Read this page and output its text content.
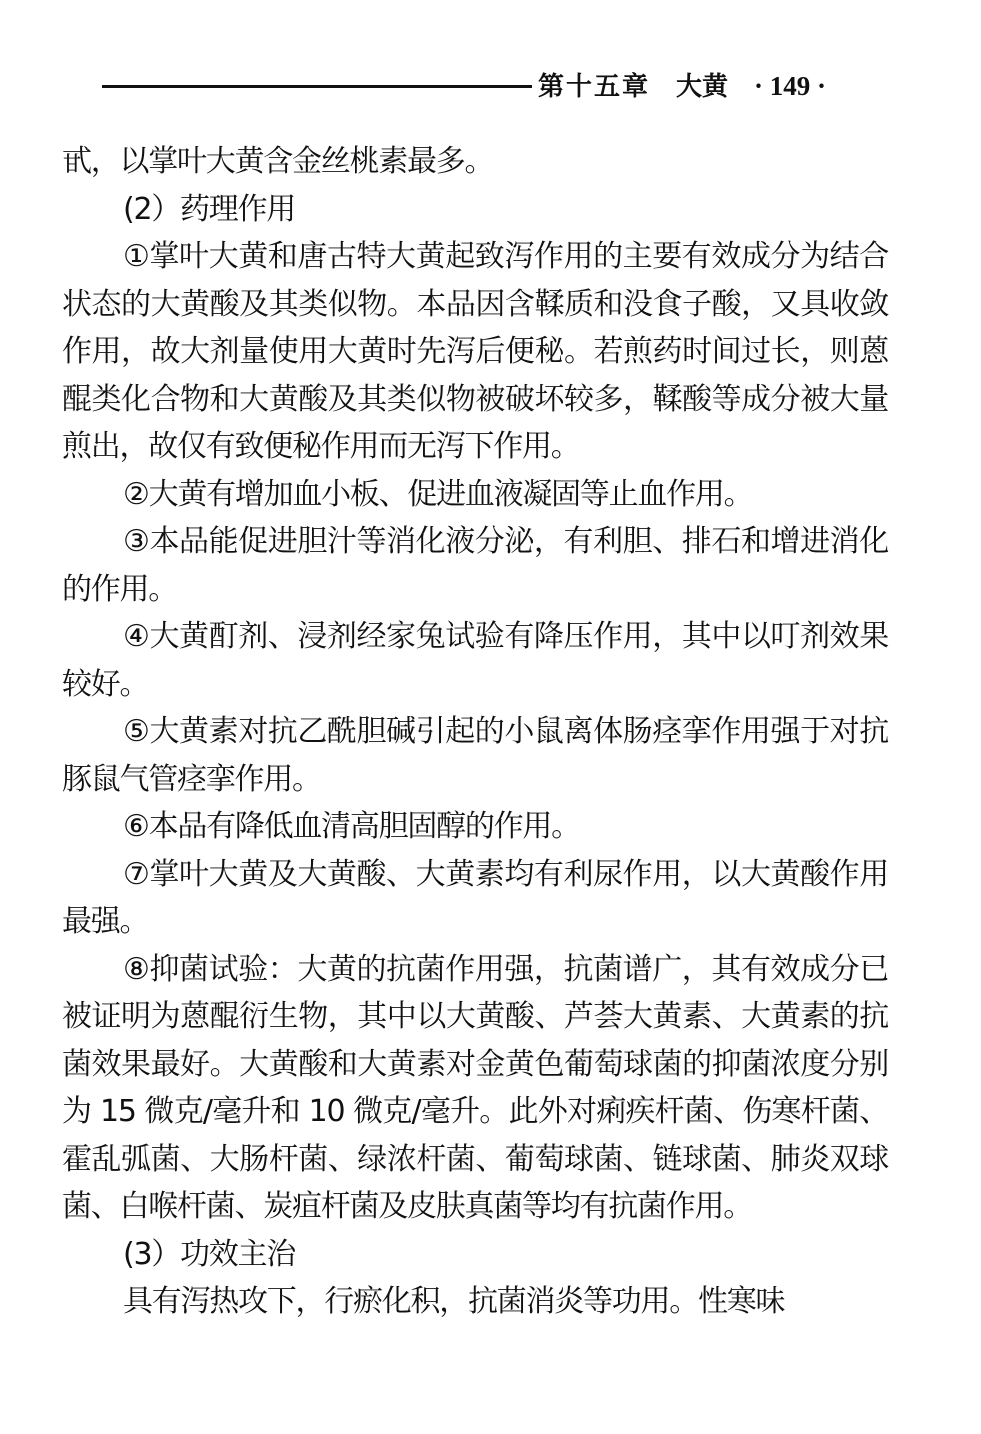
第十五章 大黄 · 149 ·

甙，以掌叶大黄含金丝桃素最多。

(2）药理作用

①掌叶大黄和唐古特大黄起致泻作用的主要有效成分为结合状态的大黄酸及其类似物。本品因含鞣质和没食子酸，又具收敛作用，故大剂量使用大黄时先泻后便秘。若煎药时间过长，则蒽醌类化合物和大黄酸及其类似物被破坏较多，鞣酸等成分被大量煎出，故仅有致便秘作用而无泻下作用。

②大黄有增加血小板、促进血液凝固等止血作用。

③本品能促进胆汁等消化液分泌，有利胆、排石和增进消化的作用。

④大黄酊剂、浸剂经家兔试验有降压作用，其中以叮剂效果较好。

⑤大黄素对抗乙酰胆碱引起的小鼠离体肠痉挛作用强于对抗豚鼠气管痉挛作用。

⑥本品有降低血清高胆固醇的作用。

⑦掌叶大黄及大黄酸、大黄素均有利尿作用，以大黄酸作用最强。

⑧抑菌试验：大黄的抗菌作用强，抗菌谱广，其有效成分已被证明为蒽醌衍生物，其中以大黄酸、芦荟大黄素、大黄素的抗菌效果最好。大黄酸和大黄素对金黄色葡萄球菌的抑菌浓度分别为 15 微克/毫升和 10 微克/毫升。此外对痢疾杆菌、伤寒杆菌、霍乱弧菌、大肠杆菌、绿浓杆菌、葡萄球菌、链球菌、肺炎双球菌、白喉杆菌、炭疽杆菌及皮肤真菌等均有抗菌作用。

(3）功效主治

具有泻热攻下，行瘀化积，抗菌消炎等功用。性寒味
